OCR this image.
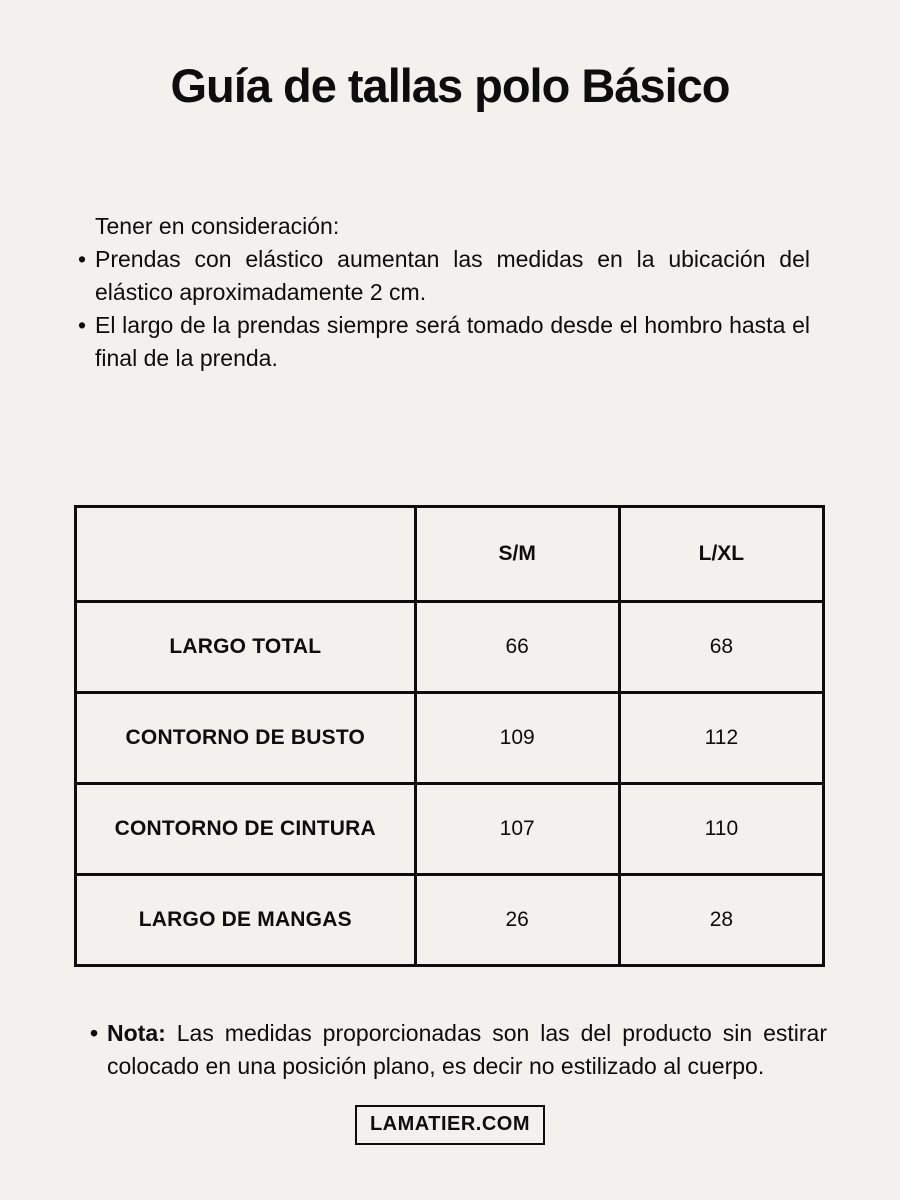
Guía de tallas polo Básico

Tener en consideración:

• Prendas con elástico aumentan las medidas en la ubicación del elástico aproximadamente 2 cm.
• El largo de la prendas siempre será tomado desde el hombro hasta el final de la prenda.
	S/M	L/XL
LARGO TOTAL	66	68
CONTORNO DE BUSTO	109	112
CONTORNO DE CINTURA	107	110
LARGO DE MANGAS	26	28
• Nota: Las medidas proporcionadas son las del producto sin estirar colocado en una posición plano, es decir no estilizado al cuerpo.
LAMATIER.COM
